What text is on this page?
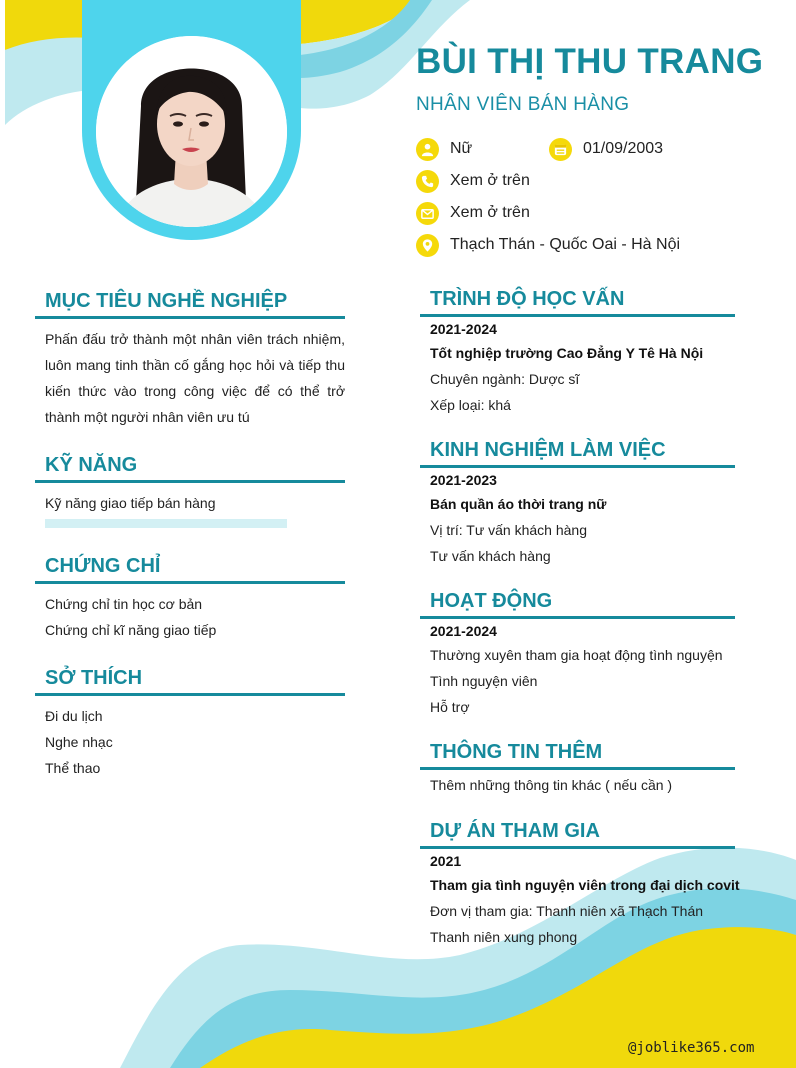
BÙI THỊ THU TRANG
NHÂN VIÊN BÁN HÀNG
Nữ	01/09/2003
Xem ở trên
Xem ở trên
Thạch Thán - Quốc Oai - Hà Nội
MỤC TIÊU NGHỀ NGHIỆP
Phấn đấu trở thành một nhân viên trách nhiệm, luôn mang tinh thần cố gắng học hỏi và tiếp thu kiến thức vào trong công việc để có thể trở thành một người nhân viên ưu tú
KỸ NĂNG
Kỹ năng giao tiếp bán hàng
CHỨNG CHỈ
Chứng chỉ tin học cơ bản
Chứng chỉ kĩ năng giao tiếp
SỞ THÍCH
Đi du lịch
Nghe nhạc
Thể thao
TRÌNH ĐỘ HỌC VẤN
2021-2024
Tốt nghiệp trường Cao Đẳng Y Tê Hà Nội
Chuyên ngành: Dược sĩ
Xếp loại: khá
KINH NGHIỆM LÀM VIỆC
2021-2023
Bán quần áo thời trang nữ
Vị trí: Tư vấn khách hàng
Tư vấn khách hàng
HOẠT ĐỘNG
2021-2024
Thường xuyên tham gia hoạt động tình nguyện
Tình nguyện viên
Hỗ trợ
THÔNG TIN THÊM
Thêm những thông tin khác ( nếu cần )
DỰ ÁN THAM GIA
2021
Tham gia tình nguyện viên trong đại dịch covit
Đơn vị tham gia: Thanh niên xã Thạch Thán
Thanh niên xung phong
@joblike365.com
